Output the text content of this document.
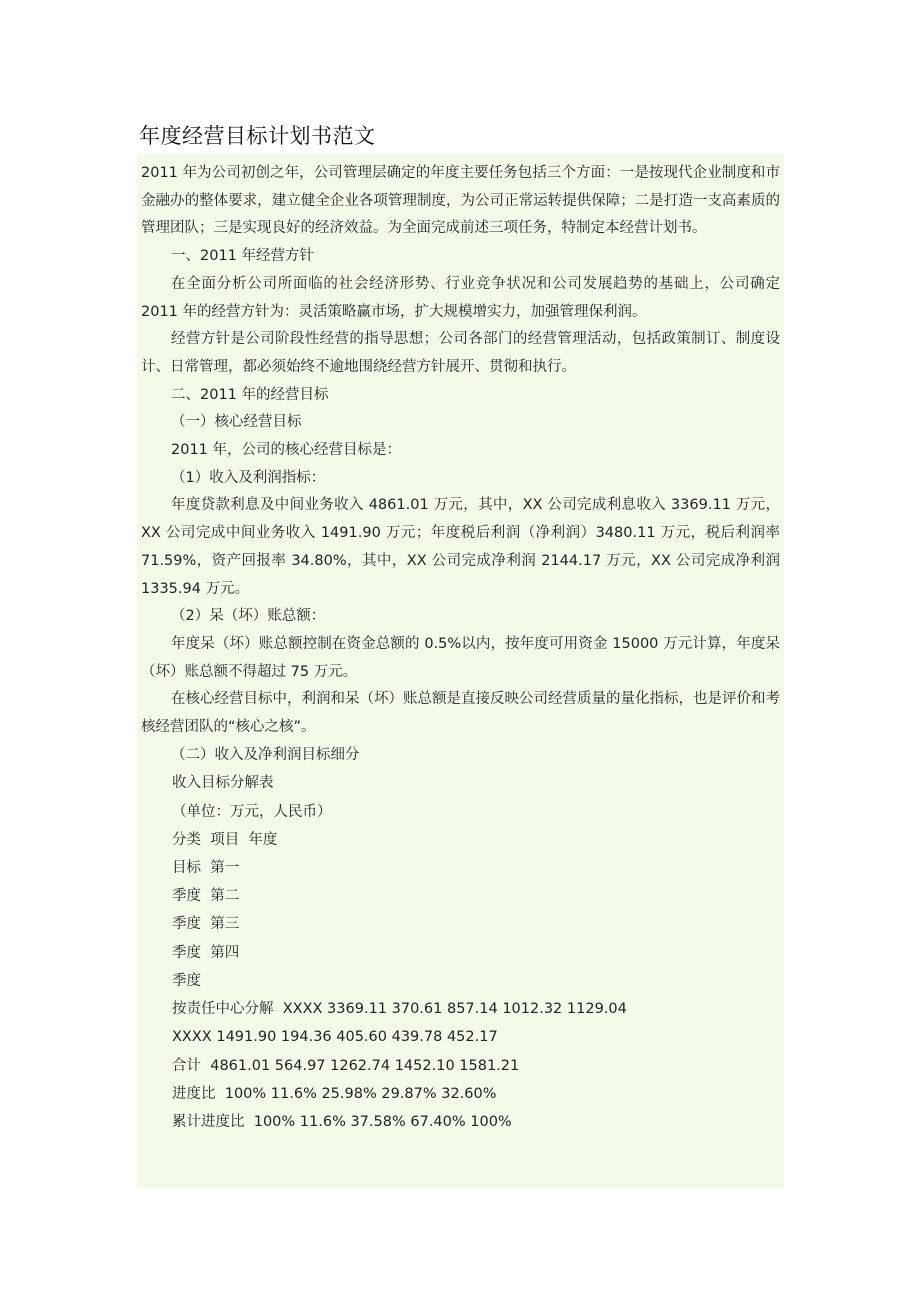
年度经营目标计划书范文

2011 年为公司初创之年，公司管理层确定的年度主要任务包括三个方面：一是按现代企业制度和市金融办的整体要求，建立健全企业各项管理制度，为公司正常运转提供保障；二是打造一支高素质的管理团队；三是实现良好的经济效益。为全面完成前述三项任务，特制定本经营计划书。

一、2011 年经营方针

在全面分析公司所面临的社会经济形势、行业竞争状况和公司发展趋势的基础上，公司确定 2011 年的经营方针为：灵活策略赢市场，扩大规模增实力，加强管理保利润。

经营方针是公司阶段性经营的指导思想；公司各部门的经营管理活动，包括政策制订、制度设计、日常管理，都必须始终不逾地围绕经营方针展开、贯彻和执行。

二、2011 年的经营目标

（一）核心经营目标

2011 年，公司的核心经营目标是：

（1）收入及利润指标：

年度贷款利息及中间业务收入 4861.01 万元，其中，XX 公司完成利息收入 3369.11 万元，XX 公司完成中间业务收入 1491.90 万元；年度税后利润（净利润）3480.11 万元，税后利润率 71.59%，资产回报率 34.80%，其中，XX 公司完成净利润 2144.17 万元，XX 公司完成净利润 1335.94 万元。

（2）呆（坏）账总额：

年度呆（坏）账总额控制在资金总额的 0.5%以内，按年度可用资金 15000 万元计算，年度呆（坏）账总额不得超过 75 万元。

在核心经营目标中，利润和呆（坏）账总额是直接反映公司经营质量的量化指标，也是评价和考核经营团队的“核心之核”。

（二）收入及净利润目标细分

收入目标分解表

（单位：万元，人民币）

分类  项目  年度

目标  第一

季度  第二

季度  第三

季度  第四

季度

按责任中心分解  XXXX 3369.11 370.61 857.14 1012.32 1129.04

XXXX 1491.90 194.36 405.60 439.78 452.17

合计  4861.01 564.97 1262.74 1452.10 1581.21

进度比  100% 11.6% 25.98% 29.87% 32.60%

累计进度比  100% 11.6% 37.58% 67.40% 100%
